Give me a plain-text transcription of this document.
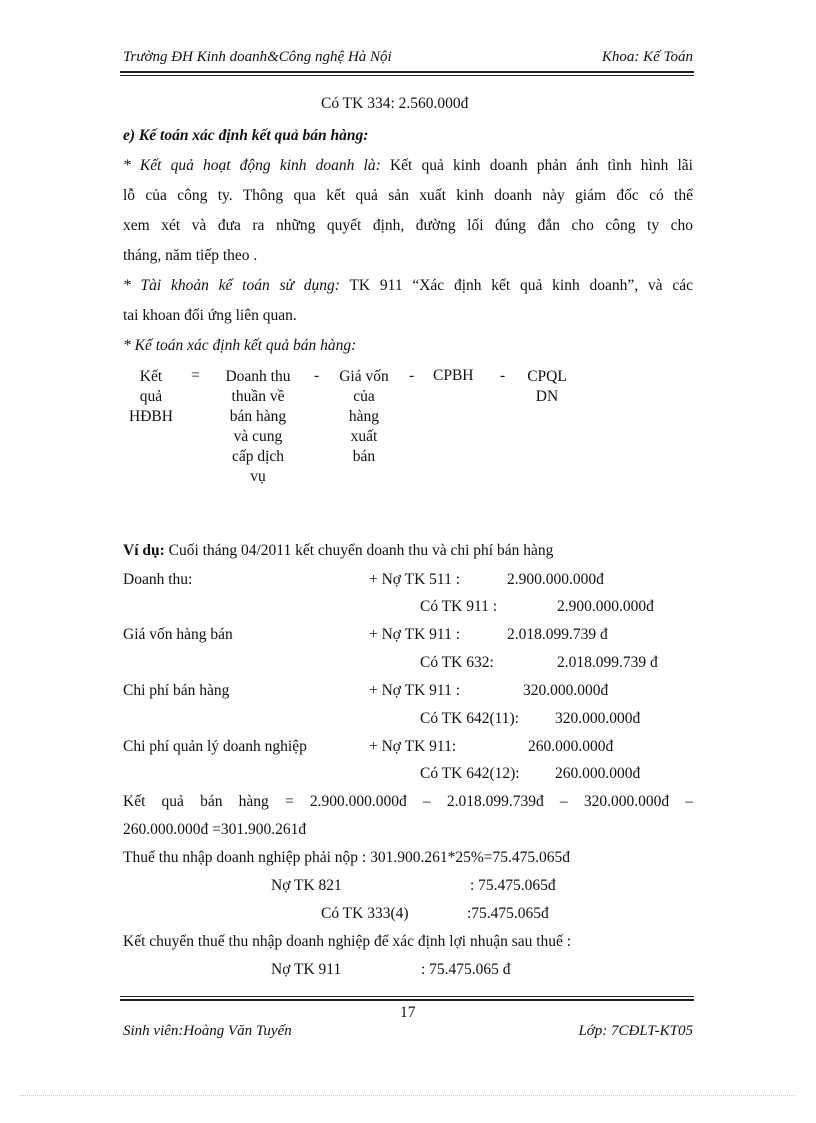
Trường ĐH Kinh doanh&Công nghệ Hà Nội	Khoa: Kế Toán
Có TK 334: 2.560.000đ
e) Kế toán xác định kết quả bán hàng:
* Kết quả hoạt động kinh doanh là: Kết quả kinh doanh phản ánh tình hình lãi
lỗ của công ty. Thông qua kết quả sản xuất kinh doanh này giám đốc có thể
xem xét và đưa ra những quyết định, đường lối đúng đắn cho công ty cho
tháng, năm tiếp theo .
* Tài khoản kế toán sử dụng: TK 911 “Xác định kết quả kinh doanh”, và các
tai khoan đối ứng liên quan.
* Kế toán xác định kết quả bán hàng:
Kết
quả
HĐBH
=	Doanh thu
thuần về
bán hàng
và cung
cấp dịch
vụ
-	Giá vốn
của
hàng
xuất
bán
- CPBH -	CPQL
DN
Ví dụ: Cuối tháng 04/2011 kết chuyển doanh thu và chi phí bán hàng
Doanh thu:	+ Nợ TK 511 :	2.900.000.000đ
Có TK 911 :	2.900.000.000đ
Giá vốn hàng bán	+ Nợ TK 911 :	2.018.099.739 đ
Có TK 632:	2.018.099.739 đ
Chi phí bán hàng	+ Nợ TK 911 :	320.000.000đ
Có TK 642(11): 320.000.000đ
Chi phí quản lý doanh nghiệp	+ Nợ TK 911:	260.000.000đ
Có TK 642(12): 260.000.000đ
Kết quả bán hàng = 2.900.000.000đ – 2.018.099.739đ – 320.000.000đ –
260.000.000đ =301.900.261đ
Thuế thu nhập doanh nghiệp phải nộp : 301.900.261*25%=75.475.065đ
Nợ TK 821	: 75.475.065đ
Có TK 333(4)	:75.475.065đ
Kết chuyển thuế thu nhập doanh nghiệp để xác định lợi nhuận sau thuế :
Nợ TK 911	: 75.475.065 đ
17
Sinh viên:Hoàng Văn Tuyến	Lớp: 7CĐLT-KT05
